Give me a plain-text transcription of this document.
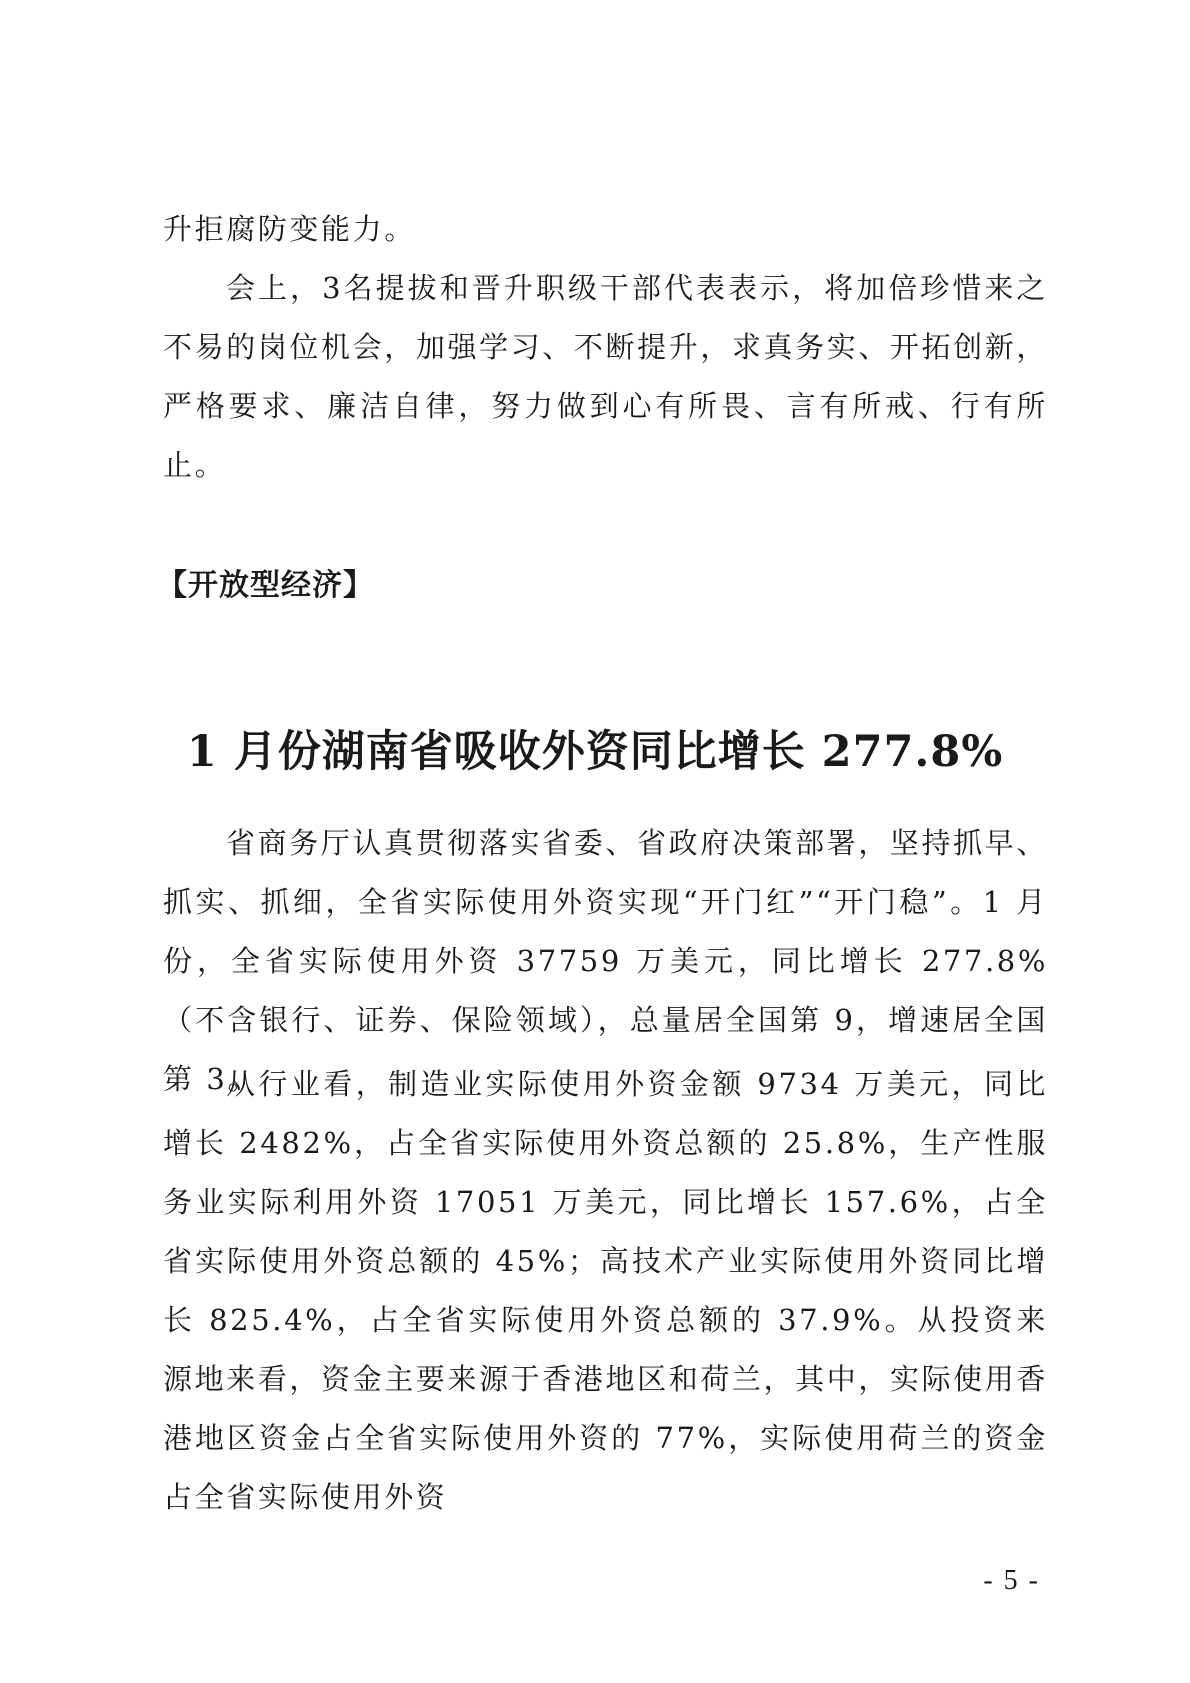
升拒腐防变能力。

会上，3名提拔和晋升职级干部代表表示，将加倍珍惜来之不易的岗位机会，加强学习、不断提升，求真务实、开拓创新，严格要求、廉洁自律，努力做到心有所畏、言有所戒、行有所止。

【开放型经济】
1 月份湖南省吸收外资同比增长 277.8%

省商务厅认真贯彻落实省委、省政府决策部署，坚持抓早、抓实、抓细，全省实际使用外资实现“开门红”“开门稳”。1 月份，全省实际使用外资 37759 万美元，同比增长 277.8%（不含银行、证券、保险领域），总量居全国第 9，增速居全国第 3。

从行业看，制造业实际使用外资金额 9734 万美元，同比增长 2482%，占全省实际使用外资总额的 25.8%，生产性服务业实际利用外资 17051 万美元，同比增长 157.6%，占全省实际使用外资总额的 45%；高技术产业实际使用外资同比增长 825.4%，占全省实际使用外资总额的 37.9%。从投资来源地来看，资金主要来源于香港地区和荷兰，其中，实际使用香港地区资金占全省实际使用外资的 77%，实际使用荷兰的资金占全省实际使用外资

- 5 -
